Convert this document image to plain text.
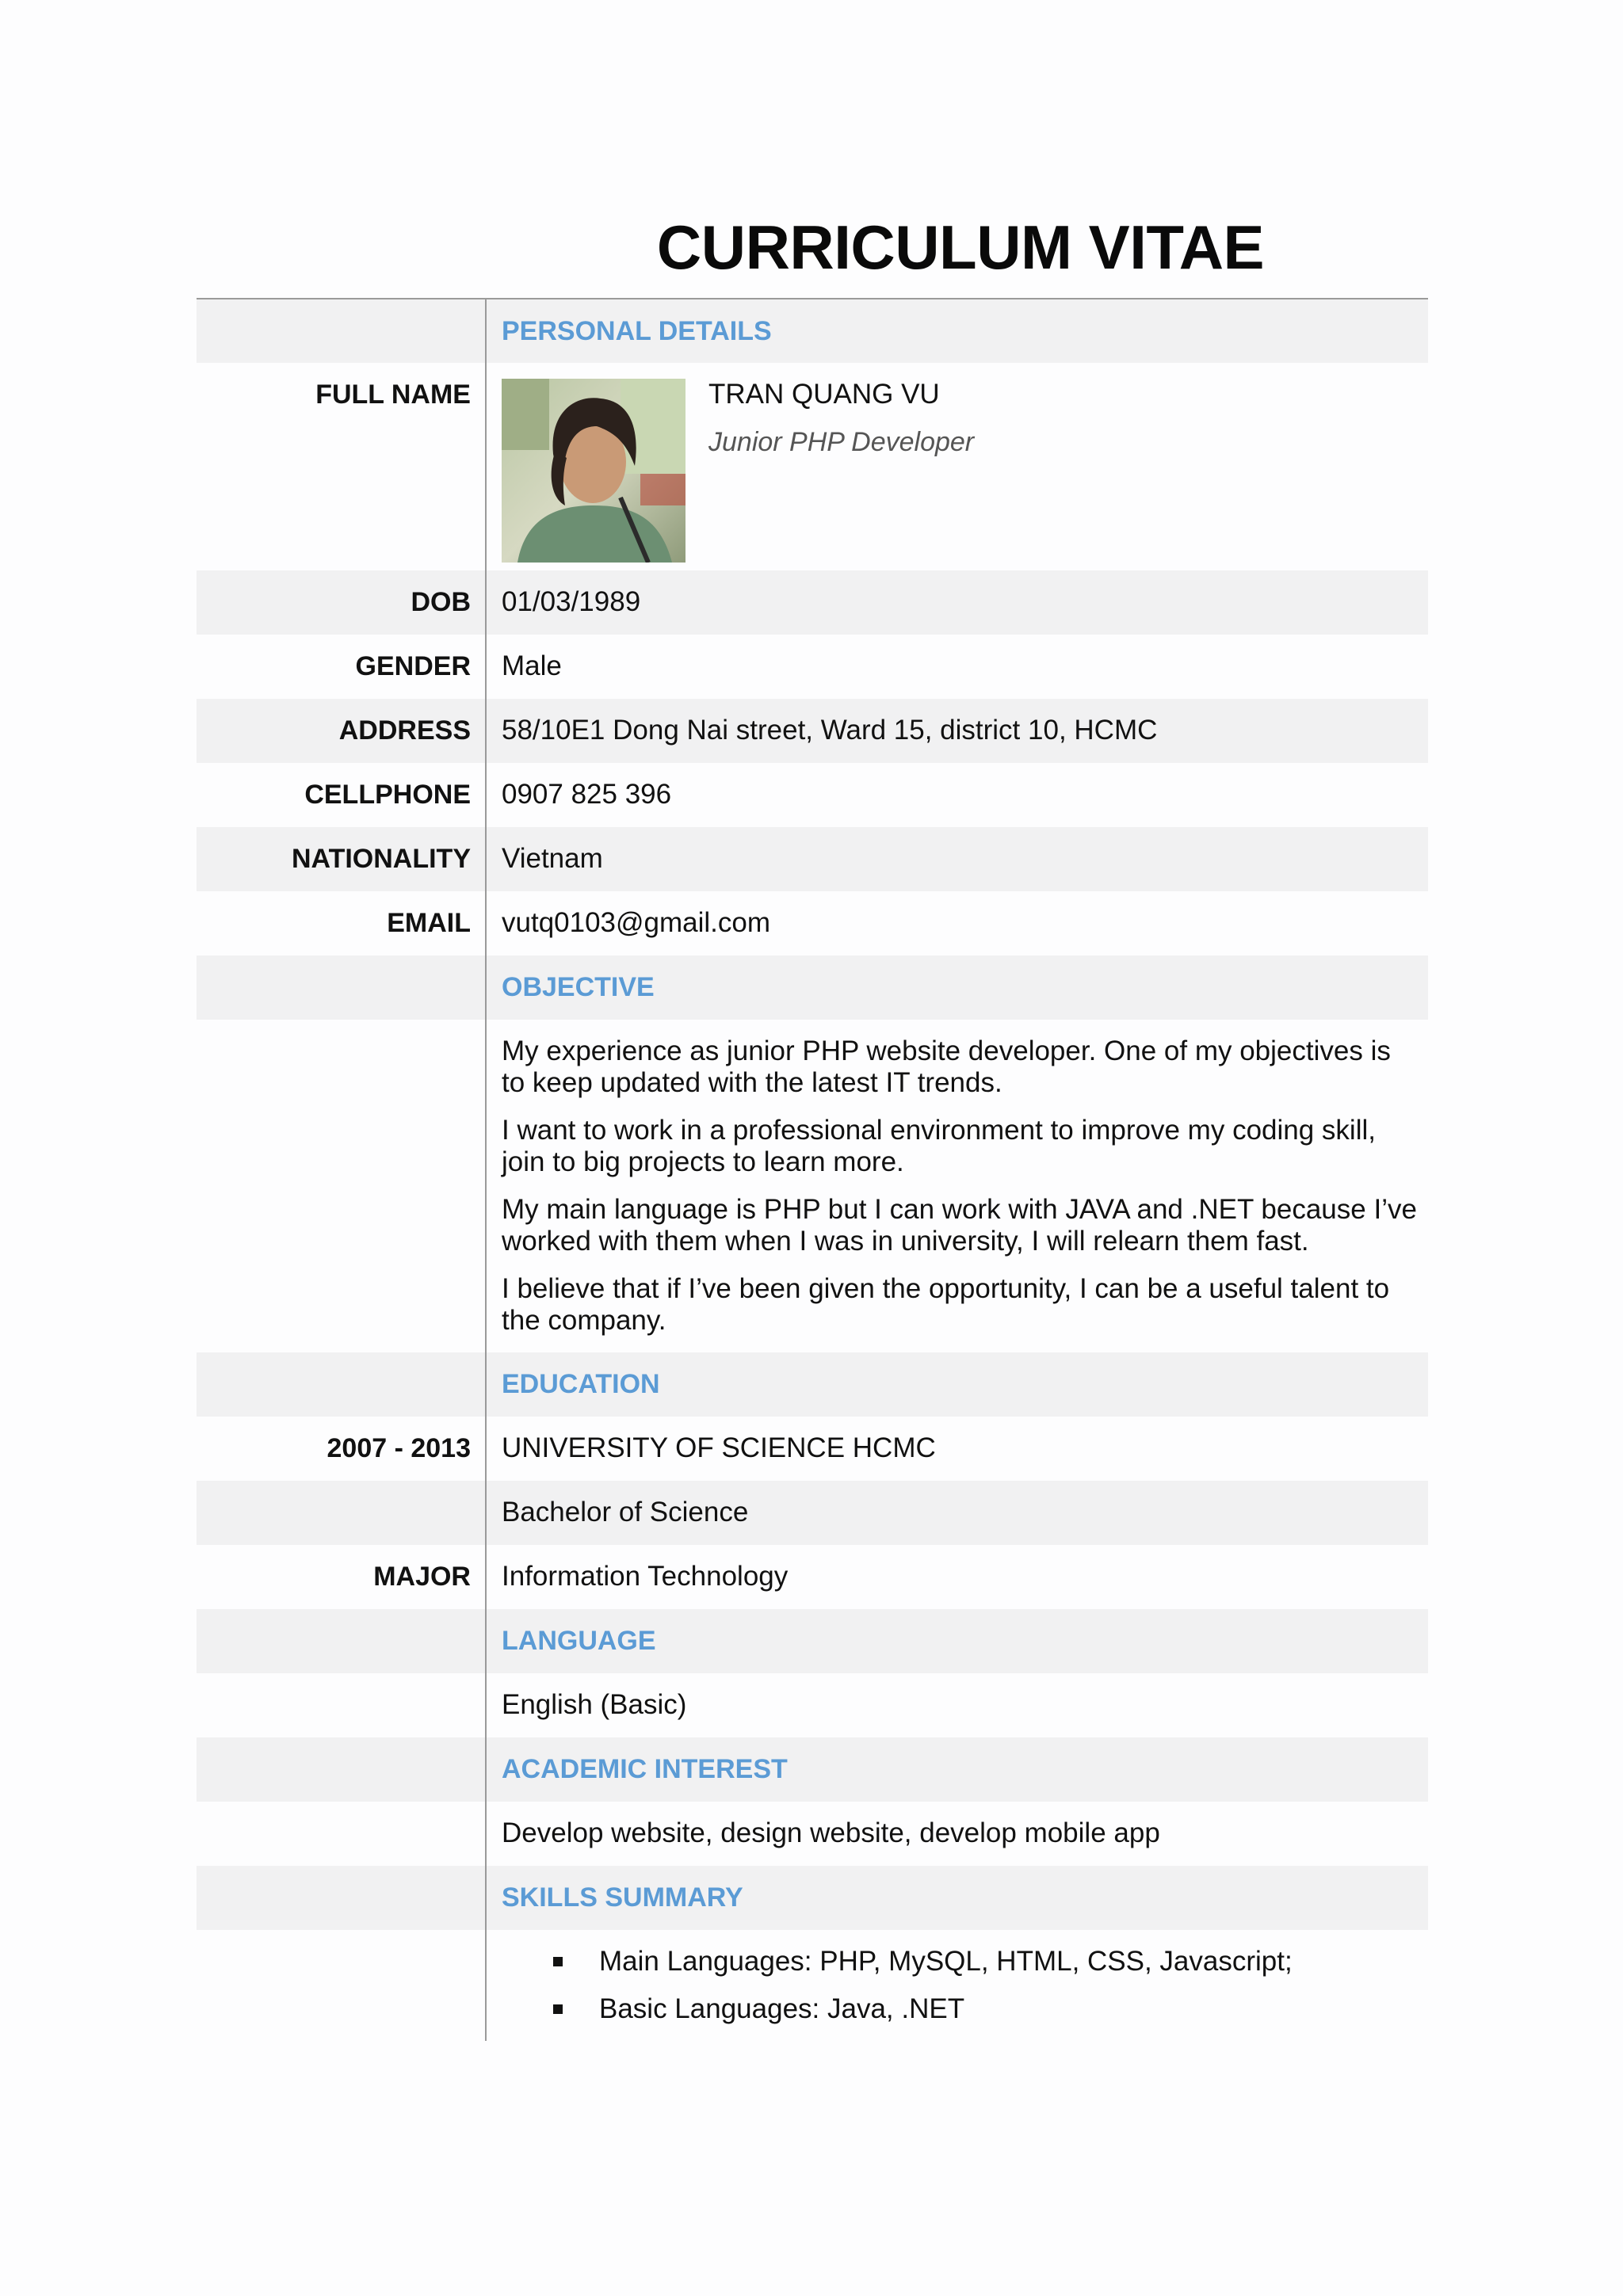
CURRICULUM VITAE
PERSONAL DETAILS
FULL NAME	TRAN QUANG VU
Junior PHP Developer
DOB 01/03/1989
GENDER Male
ADDRESS 58/10E1 Dong Nai street, Ward 15, district 10, HCMC
CELLPHONE 0907 825 396
NATIONALITY Vietnam
EMAIL vutq0103@gmail.com
OBJECTIVE
My experience as junior PHP website developer. One of my objectives is to keep updated with the latest IT trends.
I want to work in a professional environment to improve my coding skill, join to big projects to learn more.
My main language is PHP but I can work with JAVA and .NET because I’ve worked with them when I was in university, I will relearn them fast.
I believe that if I’ve been given the opportunity, I can be a useful talent to the company.
EDUCATION
2007 - 2013 UNIVERSITY OF SCIENCE HCMC
Bachelor of Science
MAJOR Information Technology
LANGUAGE
English (Basic)
ACADEMIC INTEREST
Develop website, design website, develop mobile app
SKILLS SUMMARY
Main Languages: PHP, MySQL, HTML, CSS, Javascript;
Basic Languages: Java, .NET
